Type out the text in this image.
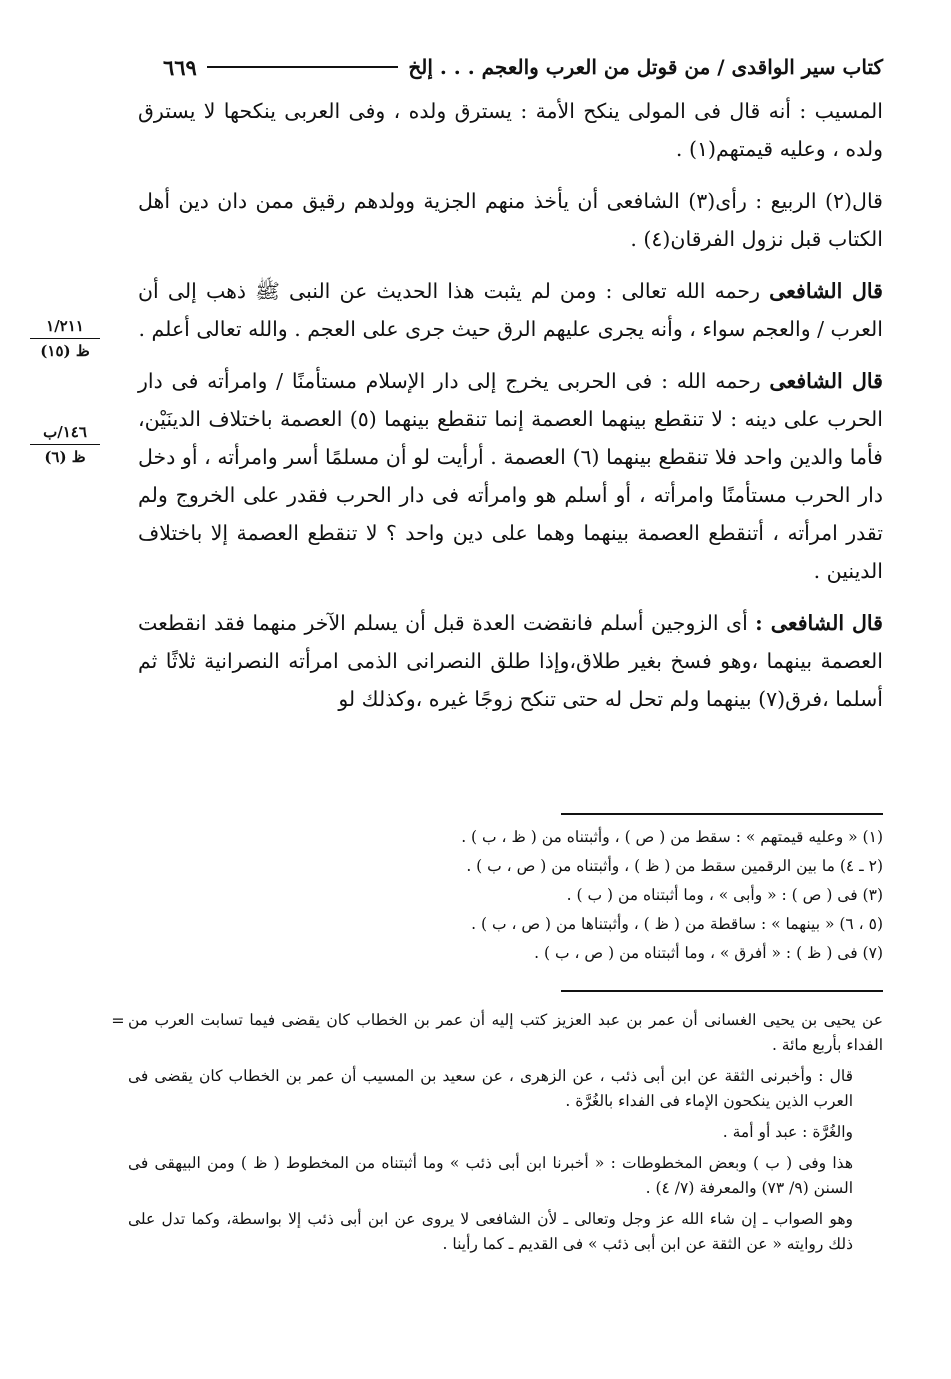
كتاب سير الواقدى / من قوتل من العرب والعجم . . . إلخ
٦٦٩
١/٢١١
ظ (١٥)
١٤٦/ب
ظ (٦)

المسيب : أنه قال فى المولى ينكح الأمة : يسترق ولده ، وفى العربى ينكحها لا يسترق ولده ، وعليه قيمتهم(١) .

قال(٢) الربيع : رأى(٣) الشافعى أن يأخذ منهم الجزية وولدهم رقيق ممن دان دين أهل الكتاب قبل نزول الفرقان(٤) .

قال الشافعى رحمه الله تعالى : ومن لم يثبت هذا الحديث عن النبى ﷺ ذهب إلى أن العرب / والعجم سواء ، وأنه يجرى عليهم الرق حيث جرى على العجم . والله تعالى أعلم .

قال الشافعى رحمه الله : فى الحربى يخرج إلى دار الإسلام مستأمنًا / وامرأته فى دار الحرب على دينه : لا تنقطع بينهما العصمة إنما تنقطع بينهما (٥) العصمة باختلاف الدينَيْن، فأما والدين واحد فلا تنقطع بينهما (٦) العصمة . أرأيت لو أن مسلمًا أسر وامرأته ، أو دخل دار الحرب مستأمنًا وامرأته ، أو أسلم هو وامرأته فى دار الحرب فقدر على الخروج ولم تقدر امرأته ، أتنقطع العصمة بينهما وهما على دين واحد ؟ لا تنقطع العصمة إلا باختلاف الدينين .

قال الشافعى : أى الزوجين أسلم فانقضت العدة قبل أن يسلم الآخر منهما فقد انقطعت العصمة بينهما ،وهو فسخ بغير طلاق،وإذا طلق النصرانى الذمى امرأته النصرانية ثلاثًا ثم أسلما ،فرق(٧) بينهما ولم تحل له حتى تنكح زوجًا غيره ،وكذلك لو

(١) « وعليه قيمتهم » : سقط من ( ص ) ، وأثبتناه من ( ظ ، ب ) .
(٢ ـ ٤) ما بين الرقمين سقط من ( ظ ) ، وأثبتناه من ( ص ، ب ) .
(٣) فى ( ص ) : « وأبى » ، وما أثبتناه من ( ب ) .
(٥ ، ٦) « بينهما » : ساقطة من ( ظ ) ، وأثبتناها من ( ص ، ب ) .
(٧) فى ( ظ ) : « أفرق » ، وما أثبتناه من ( ص ، ب ) .
= عن يحيى بن يحيى الغسانى أن عمر بن عبد العزيز كتب إليه أن عمر بن الخطاب كان يقضى فيما تسابت العرب من الفداء بأربع مائة .

قال : وأخبرنى الثقة عن ابن أبى ذئب ، عن الزهرى ، عن سعيد بن المسيب أن عمر بن الخطاب كان يقضى فى العرب الذين ينكحون الإماء فى الفداء بالغُرَّة .

والغُرَّة : عبد أو أمة .

هذا وفى ( ب ) وبعض المخطوطات : « أخبرنا ابن أبى ذئب » وما أثبتناه من المخطوط ( ظ ) ومن البيهقى فى السنن (٩/ ٧٣) والمعرفة (٧/ ٤) .

وهو الصواب ـ إن شاء الله عز وجل وتعالى ـ لأن الشافعى لا يروى عن ابن أبى ذئب إلا بواسطة، وكما تدل على ذلك روايته « عن الثقة عن ابن أبى ذئب » فى القديم ـ كما رأينا .
